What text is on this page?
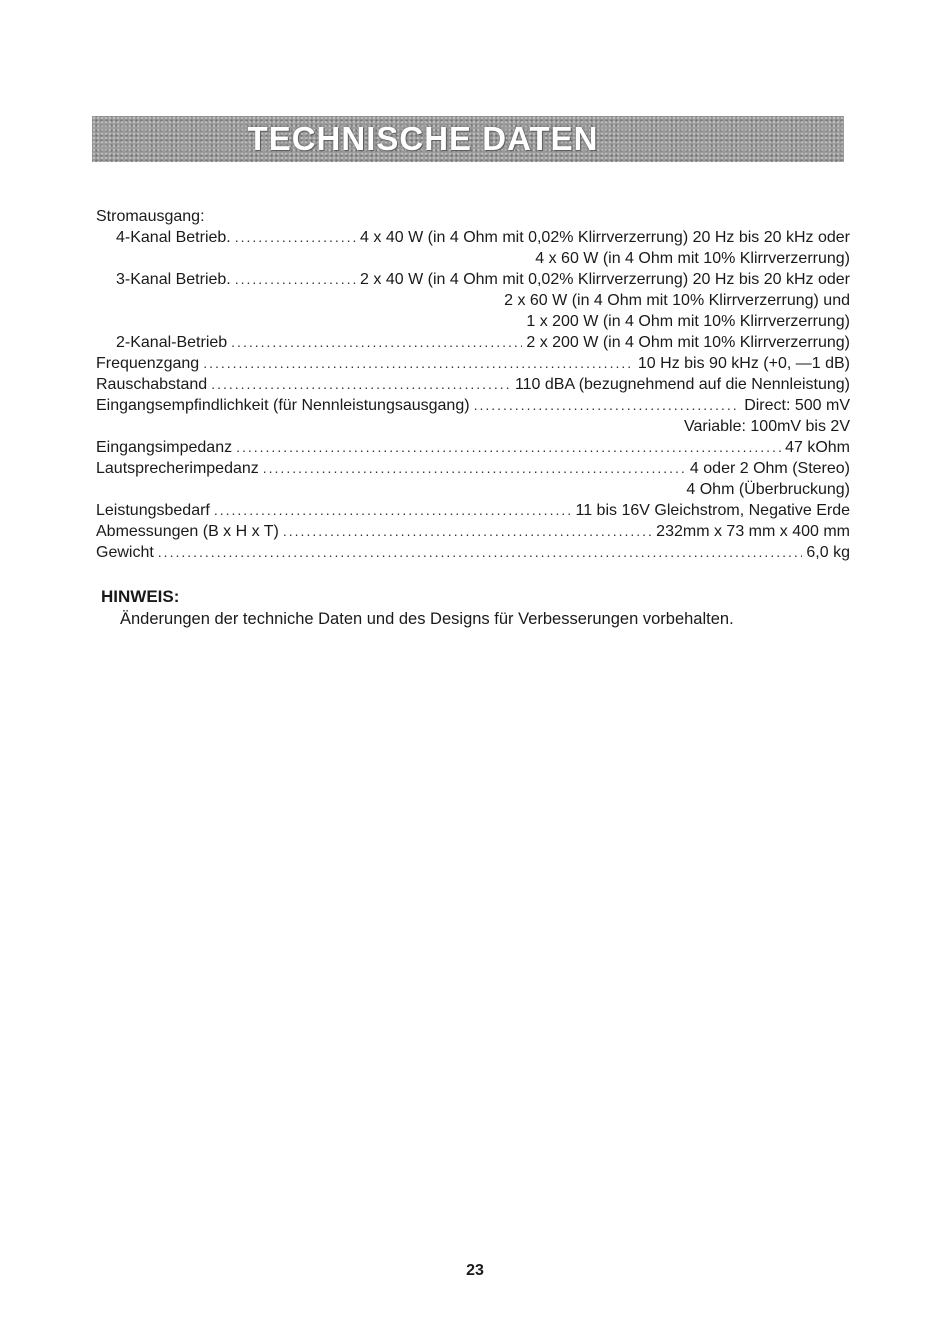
TECHNISCHE DATEN
Stromausgang:
4-Kanal Betrieb. .....	4 x 40 W (in 4 Ohm mit 0,02% Klirrverzerrung) 20 Hz bis 20 kHz oder
4 x 60 W (in 4 Ohm mit 10% Klirrverzerrung)
3-Kanal Betrieb. .....	2 x 40 W (in 4 Ohm mit 0,02% Klirrverzerrung) 20 Hz bis 20 kHz oder
2 x 60 W (in 4 Ohm mit 10% Klirrverzerrung) und
1 x 200 W (in 4 Ohm mit 10% Klirrverzerrung)
2-Kanal-Betrieb .....	2 x 200 W (in 4 Ohm mit 10% Klirrverzerrung)
Frequenzgang .....	10 Hz bis 90 kHz (+0, —1 dB)
Rauschabstand .....	110 dBA (bezugnehmend auf die Nennleistung)
Eingangsempfindlichkeit (für Nennleistungsausgang) .....	Direct: 500 mV
Variable: 100mV bis 2V
Eingangsimpedanz .....	47 kOhm
Lautsprecherimpedanz .....	4 oder 2 Ohm (Stereo)
4 Ohm (Überbruckung)
Leistungsbedarf .....	11 bis 16V Gleichstrom, Negative Erde
Abmessungen (B x H x T) .....	232mm x 73 mm x 400 mm
Gewicht .....	6,0 kg
HINWEIS:
Änderungen der techniche Daten und des Designs für Verbesserungen vorbehalten.
23
